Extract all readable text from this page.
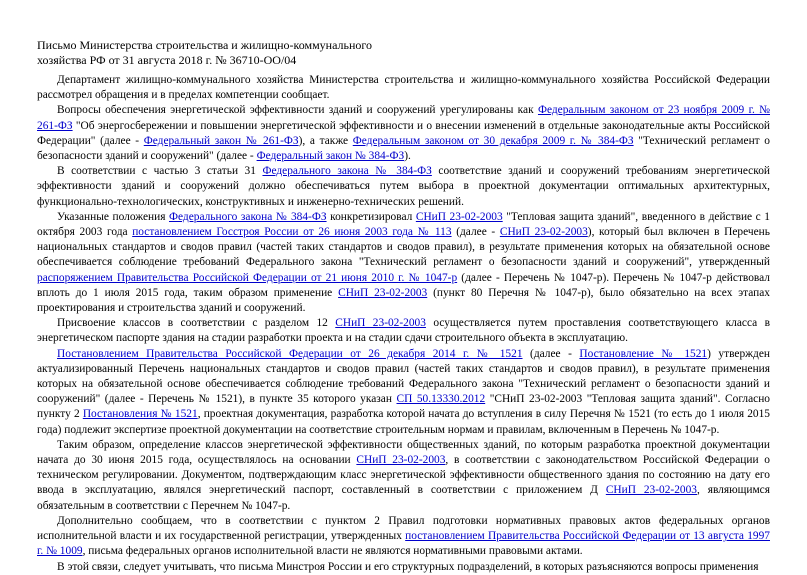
Письмо Министерства строительства и жилищно-коммунального
хозяйства РФ от 31 августа 2018 г. № 36710-ОО/04

Департамент жилищно-коммунального хозяйства Министерства строительства и жилищно-коммунального хозяйства Российской Федерации рассмотрел обращения и в пределах компетенции сообщает.

Вопросы обеспечения энергетической эффективности зданий и сооружений урегулированы как Федеральным законом от 23 ноября 2009 г. № 261-ФЗ "Об энергосбережении и повышении энергетической эффективности и о внесении изменений в отдельные законодательные акты Российской Федерации" (далее - Федеральный закон № 261-ФЗ), а также Федеральным законом от 30 декабря 2009 г. № 384-ФЗ "Технический регламент о безопасности зданий и сооружений" (далее - Федеральный закон № 384-ФЗ).

В соответствии с частью 3 статьи 31 Федерального закона № 384-ФЗ соответствие зданий и сооружений требованиям энергетической эффективности зданий и сооружений должно обеспечиваться путем выбора в проектной документации оптимальных архитектурных, функционально-технологических, конструктивных и инженерно-технических решений.

Указанные положения Федерального закона № 384-ФЗ конкретизировал СНиП 23-02-2003 "Тепловая защита зданий", введенного в действие с 1 октября 2003 года постановлением Госстроя России от 26 июня 2003 года № 113 (далее - СНиП 23-02-2003), который был включен в Перечень национальных стандартов и сводов правил (частей таких стандартов и сводов правил), в результате применения которых на обязательной основе обеспечивается соблюдение требований Федерального закона "Технический регламент о безопасности зданий и сооружений", утвержденный распоряжением Правительства Российской Федерации от 21 июня 2010 г. № 1047-р (далее - Перечень № 1047-р). Перечень № 1047-р действовал вплоть до 1 июля 2015 года, таким образом применение СНиП 23-02-2003 (пункт 80 Перечня № 1047-р), было обязательно на всех этапах проектирования и строительства зданий и сооружений.

Присвоение классов в соответствии с разделом 12 СНиП 23-02-2003 осуществляется путем проставления соответствующего класса в энергетическом паспорте здания на стадии разработки проекта и на стадии сдачи строительного объекта в эксплуатацию.

Постановлением Правительства Российской Федерации от 26 декабря 2014 г. № 1521 (далее - Постановление № 1521) утвержден актуализированный Перечень национальных стандартов и сводов правил (частей таких стандартов и сводов правил), в результате применения которых на обязательной основе обеспечивается соблюдение требований Федерального закона "Технический регламент о безопасности зданий и сооружений" (далее - Перечень № 1521), в пункте 35 которого указан СП 50.13330.2012 "СНиП 23-02-2003 "Тепловая защита зданий". Согласно пункту 2 Постановления № 1521, проектная документация, разработка которой начата до вступления в силу Перечня № 1521 (то есть до 1 июля 2015 года) подлежит экспертизе проектной документации на соответствие строительным нормам и правилам, включенным в Перечень № 1047-р.

Таким образом, определение классов энергетической эффективности общественных зданий, по которым разработка проектной документации начата до 30 июня 2015 года, осуществлялось на основании СНиП 23-02-2003, в соответствии с законодательством Российской Федерации о техническом регулировании. Документом, подтверждающим класс энергетической эффективности общественного здания по состоянию на дату его ввода в эксплуатацию, являлся энергетический паспорт, составленный в соответствии с приложением Д СНиП 23-02-2003, являющимся обязательным в соответствии с Перечнем № 1047-р.

Дополнительно сообщаем, что в соответствии с пунктом 2 Правил подготовки нормативных правовых актов федеральных органов исполнительной власти и их государственной регистрации, утвержденных постановлением Правительства Российской Федерации от 13 августа 1997 г. № 1009, письма федеральных органов исполнительной власти не являются нормативными правовыми актами.

В этой связи, следует учитывать, что письма Минстроя России и его структурных подразделений, в которых разъясняются вопросы применения
